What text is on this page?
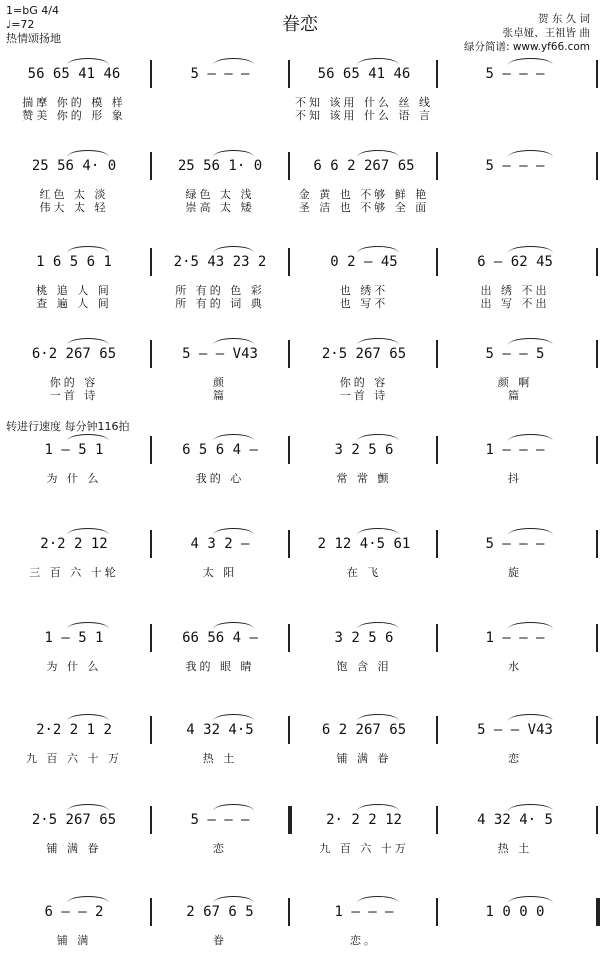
1=bG 4/4
♩=72
热情颂扬地
眷恋	贺 东 久 词
张卓娅、王祖皆 曲
绿分简谱: www.yf66.com
转进行速度 每分钟116拍
56 65 41 46	5 – – –	56 65 41 46	5 – – –
揣摩 你的 模 样	不知 该用 什么 丝 线
赞美 你的 形 象	不知 该用 什么 语 言
25 56 4· 0	25 56 1· 0	6 6 2 267 65	5 – – –
红色 太 淡	绿色 太 浅	金 黄 也 不够 鲜 艳
伟大 太 轻	崇高 太 矮	圣 洁 也 不够 全 面
1 6 5 6 1	2·5 43 23 2	0 2 – 45	6 – 62 45
桃 追 人 间	所 有的 色 彩	也 绣不	出 绣 不出
查 遍 人 间	所 有的 词 典	也 写不	出 写 不出
6·2 267 65	5 – – V43	2·5 267 65	5 – – 5
你的 容	颜	你的 容	颜 啊
一首 诗	篇	一首 诗	篇
1 – 5 1	6 5 6 4 –	3 2 5 6	1 – – –
为 什 么	我的 心	常 常 颤	抖
2·2 2 12	4 3 2 –	2 12 4·5 61	5 – – –
三 百 六 十轮	太 阳	在 飞	旋
1 – 5 1	66 56 4 –	3 2 5 6	1 – – –
为 什 么	我的 眼 睛	饱 含 泪	水
2·2 2 1 2	4 32 4·5	6 2 267 65	5 – – V43
九 百 六 十 万	热 土	铺 满 眷	恋
2·5 267 65	5 – – –	2· 2 2 12	4 32 4· 5
铺 满 眷	恋	九 百 六 十万	热 土
6 – – 2	2 67 6 5	1 – – –	1 0 0 0
铺 满	眷	恋。
